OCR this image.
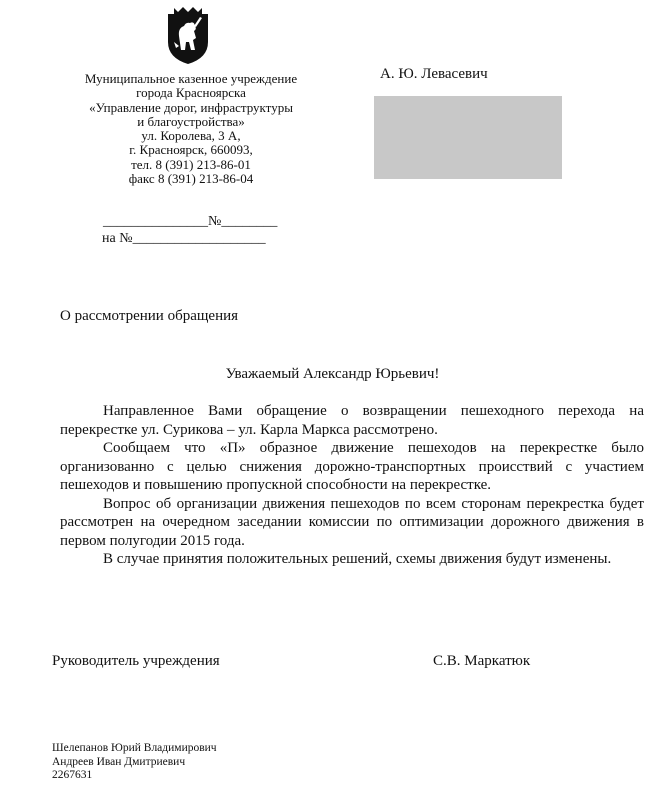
Муниципальное казенное учреждение
города Красноярска
«Управление дорог, инфраструктуры
и благоустройства»
ул. Королева, 3 А,
г. Красноярск, 660093,
тел. 8 (391) 213-86-01
факс 8 (391) 213-86-04
_______________№________
на №___________________
А. Ю. Левасевич
О рассмотрении обращения
Уважаемый Александр Юрьевич!

Направленное Вами обращение о возвращении пешеходного перехода на перекрестке ул. Сурикова – ул. Карла Маркса рассмотрено.

Сообщаем что «П» образное движение пешеходов на перекрестке было организованно с целью снижения дорожно-транспортных происствий с участием пешеходов и повышению пропускной способности на перекрестке.

Вопрос об организации движения пешеходов по всем сторонам перекрестка будет рассмотрен на очередном заседании комиссии по оптимизации дорожного движения в первом полугодии 2015 года.

В случае принятия положительных решений, схемы движения будут изменены.

Руководитель учреждения	С.В. Маркатюк
Шелепанов Юрий Владимирович
Андреев Иван Дмитриевич
2267631
